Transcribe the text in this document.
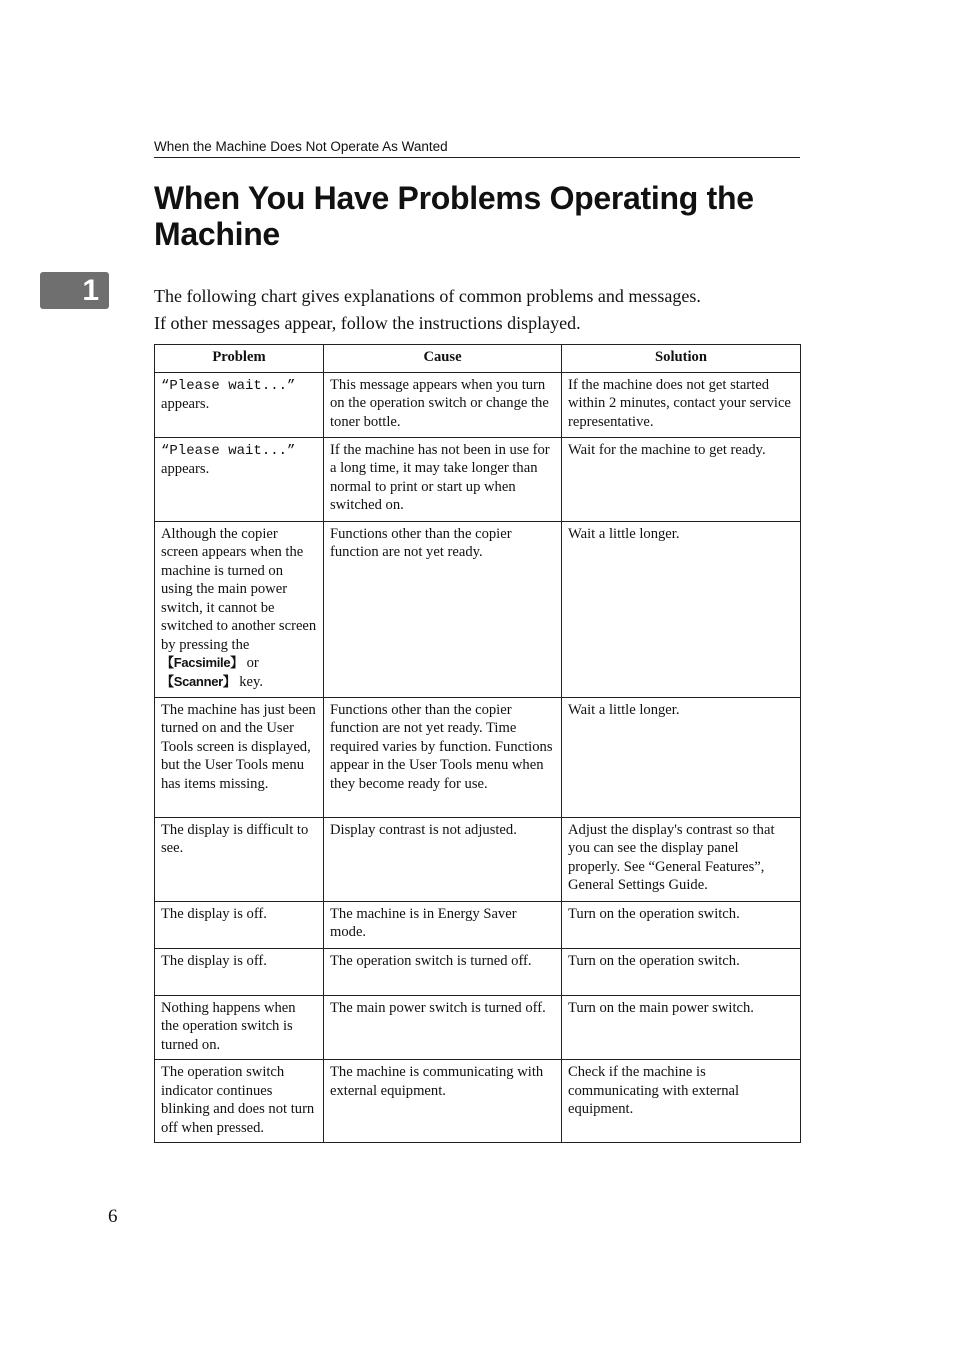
When the Machine Does Not Operate As Wanted
When You Have Problems Operating the Machine
1	The following chart gives explanations of common problems and messages.

If other messages appear, follow the instructions displayed.

Problem	Cause	Solution
“Please wait...”
appears.	This message appears when you turn on the operation switch or change the toner bottle.	If the machine does not get started within 2 minutes, contact your service representative.
“Please wait...”
appears.	If the machine has not been in use for a long time, it may take longer than normal to print or start up when switched on.	Wait for the machine to get ready.
Although the copier screen appears when the machine is turned on using the main power switch, it cannot be switched to another screen by pressing the 【Facsimile】 or 【Scanner】 key.	Functions other than the copier function are not yet ready.	Wait a little longer.
The machine has just been turned on and the User Tools screen is displayed, but the User Tools menu has items missing.	Functions other than the copier function are not yet ready. Time required varies by function. Functions appear in the User Tools menu when they become ready for use.	Wait a little longer.
The display is difficult to see.	Display contrast is not adjusted.	Adjust the display's contrast so that you can see the display panel properly. See “General Features”, General Settings Guide.
The display is off.	The machine is in Energy Saver mode.	Turn on the operation switch.
The display is off.	The operation switch is turned off.	Turn on the operation switch.
Nothing happens when the operation switch is turned on.	The main power switch is turned off.	Turn on the main power switch.
The operation switch indicator continues blinking and does not turn off when pressed.	The machine is communicating with external equipment.	Check if the machine is communicating with external equipment.
6
